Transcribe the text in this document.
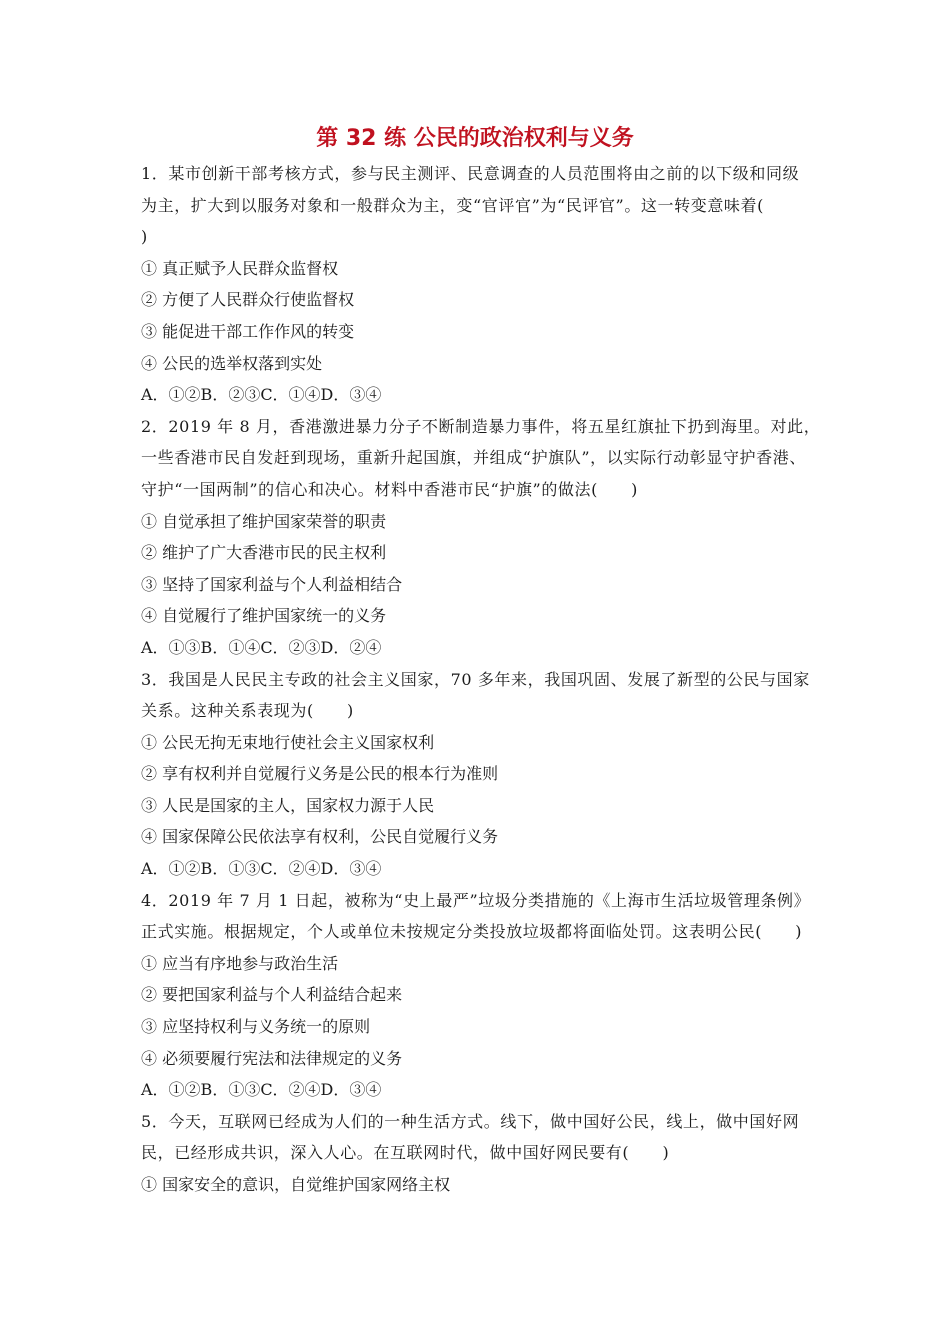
第 32 练 公民的政治权利与义务
1．某市创新干部考核方式，参与民主测评、民意调查的人员范围将由之前的以下级和同级
为主，扩大到以服务对象和一般群众为主，变“官评官”为“民评官”。这一转变意味着(
)
① 真正赋予人民群众监督权
② 方便了人民群众行使监督权
③ 能促进干部工作作风的转变
④ 公民的选举权落到实处
A．①②B．②③C．①④D．③④
2．2019 年 8 月，香港激进暴力分子不断制造暴力事件，将五星红旗扯下扔到海里。对此，
一些香港市民自发赶到现场，重新升起国旗，并组成“护旗队”，以实际行动彰显守护香港、
守护“一国两制”的信心和决心。材料中香港市民“护旗”的做法(　　)
① 自觉承担了维护国家荣誉的职责
② 维护了广大香港市民的民主权利
③ 坚持了国家利益与个人利益相结合
④ 自觉履行了维护国家统一的义务
A．①③B．①④C．②③D．②④
3．我国是人民民主专政的社会主义国家，70 多年来，我国巩固、发展了新型的公民与国家
关系。这种关系表现为(　　)
① 公民无拘无束地行使社会主义国家权利
② 享有权利并自觉履行义务是公民的根本行为准则
③ 人民是国家的主人，国家权力源于人民
④ 国家保障公民依法享有权利，公民自觉履行义务
A．①②B．①③C．②④D．③④
4．2019 年 7 月 1 日起，被称为“史上最严”垃圾分类措施的《上海市生活垃圾管理条例》
正式实施。根据规定，个人或单位未按规定分类投放垃圾都将面临处罚。这表明公民(　　)
① 应当有序地参与政治生活
② 要把国家利益与个人利益结合起来
③ 应坚持权利与义务统一的原则
④ 必须要履行宪法和法律规定的义务
A．①②B．①③C．②④D．③④
5．今天，互联网已经成为人们的一种生活方式。线下，做中国好公民，线上，做中国好网
民，已经形成共识，深入人心。在互联网时代，做中国好网民要有(　　)
① 国家安全的意识，自觉维护国家网络主权
